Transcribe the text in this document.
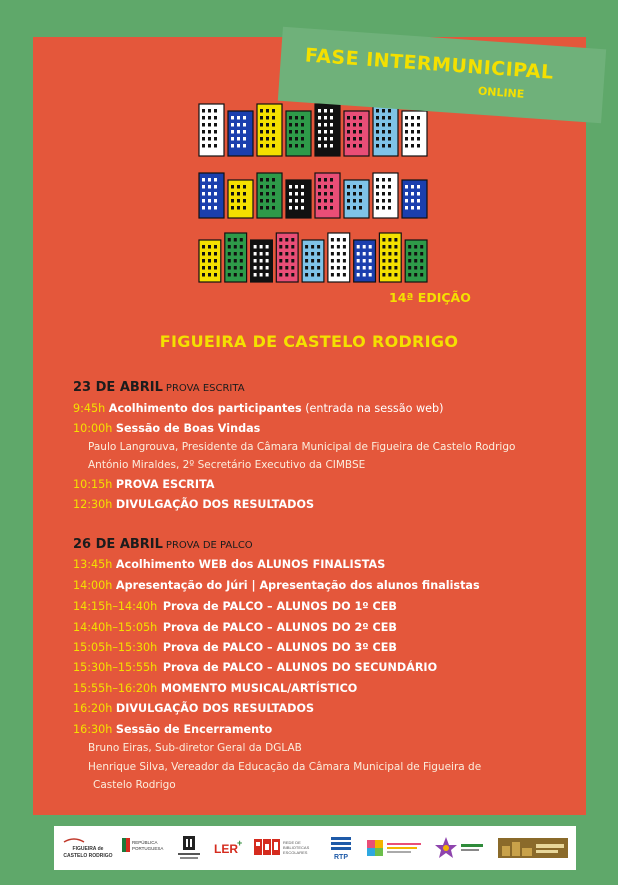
FASE INTERMUNICIPAL
ONLINE
14ª EDIÇÃO
FIGUEIRA DE CASTELO RODRIGO
23 DE ABRIL PROVA ESCRITA
9:45h Acolhimento dos participantes (entrada na sessão web)
10:00h Sessão de Boas Vindas
Paulo Langrouva, Presidente da Câmara Municipal de Figueira de Castelo Rodrigo
António Miraldes, 2º Secretário Executivo da CIMBSE
10:15h PROVA ESCRITA
12:30h DIVULGAÇÃO DOS RESULTADOS
26 DE ABRIL PROVA DE PALCO
13:45h Acolhimento WEB dos ALUNOS FINALISTAS
14:00h Apresentação do Júri | Apresentação dos alunos finalistas
14:15h–14:40h Prova de PALCO – ALUNOS DO 1º CEB
14:40h–15:05h Prova de PALCO – ALUNOS DO 2º CEB
15:05h–15:30h Prova de PALCO – ALUNOS DO 3º CEB
15:30h–15:55h Prova de PALCO – ALUNOS DO SECUNDÁRIO
15:55h–16:20h MOMENTO MUSICAL/ARTÍSTICO
16:20h DIVULGAÇÃO DOS RESULTADOS
16:30h Sessão de Encerramento
Bruno Eiras, Sub-diretor Geral da DGLAB
Henrique Silva, Vereador da Educação da Câmara Municipal de Figueira de
Castelo Rodrigo
FIGUEIRA de
CASTELO RODRIGO
REPÚBLICA
PORTUGUESA	LER +	REDE DE
BIBLIOTECAS
ESCOLARES
RTP
